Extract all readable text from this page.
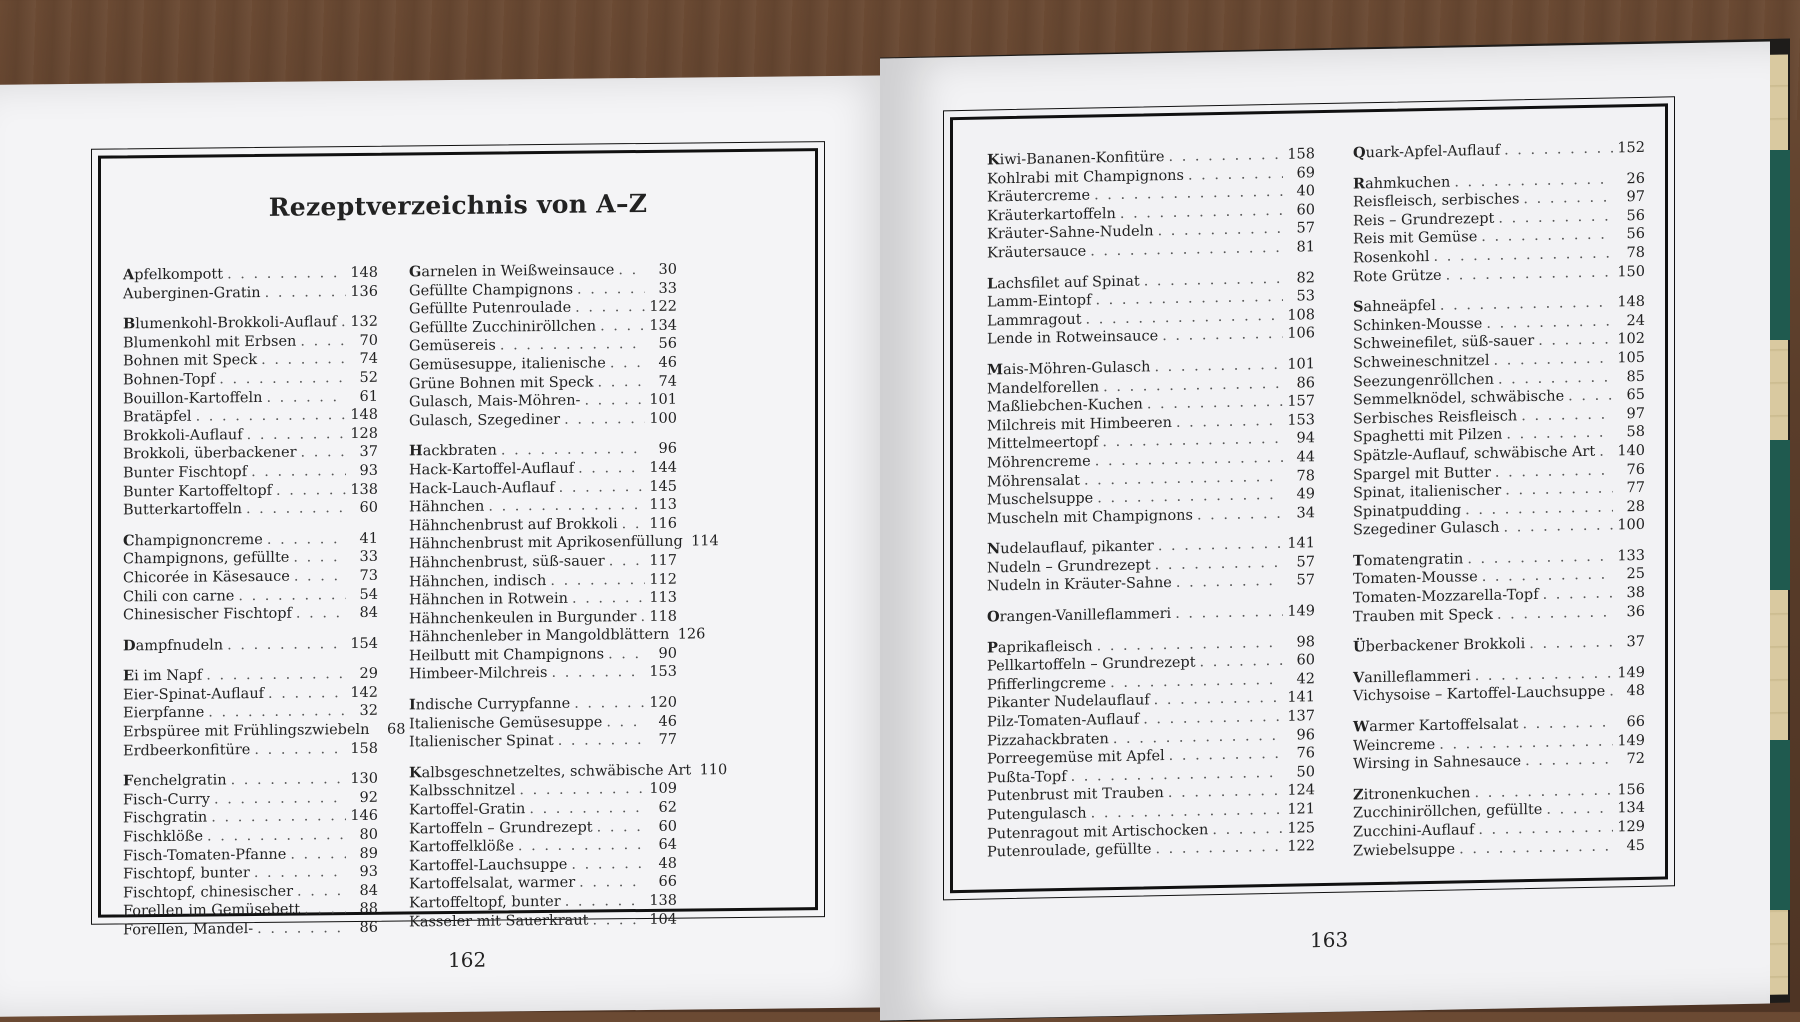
Rezeptverzeichnis von A–Z
Apfelkompott . . .	148
Auberginen-Gratin . . .	136
Blumenkohl-Brokkoli-Auflauf . . . 132
Blumenkohl mit Erbsen . . .	70
Bohnen mit Speck . . .	74
Bohnen-Topf . . .	52
Bouillon-Kartoffeln . . .	61
Bratäpfel . . .	148
Brokkoli-Auflauf . . .	128
Brokkoli, überbackener . . .	37
Bunter Fischtopf . . .	93
Bunter Kartoffeltopf . . .	138
Butterkartoffeln . . .	60
Champignoncreme . . .	41
Champignons, gefüllte . . .	33
Chicorée in Käsesauce . . .	73
Chili con carne . . .	54
Chinesischer Fischtopf . . .	84
Dampfnudeln . . .	154
Ei im Napf . . .	29
Eier-Spinat-Auflauf . . .	142
Eierpfanne . . .	32
Erbspüree mit Frühlingszwiebeln	68
Erdbeerkonfitüre . . .	158
Fenchelgratin . . .	130
Fisch-Curry . . .	92
Fischgratin . . .	146
Fischklöße . . .	80
Fisch-Tomaten-Pfanne . . .	89
Fischtopf, bunter . . .	93
Fischtopf, chinesischer . . .	84
Forellen im Gemüsebett . . .	88
Forellen, Mandel- . . .	86
Garnelen in Weißweinsauce . . .	30
Gefüllte Champignons . . .	33
Gefüllte Putenroulade . . .	122
Gefüllte Zucchiniröllchen . . .	134
Gemüsereis . . .	56
Gemüsesuppe, italienische . . .	46
Grüne Bohnen mit Speck . . .	74
Gulasch, Mais-Möhren- . . .	101
Gulasch, Szegediner . . .	100
Hackbraten . . .	96
Hack-Kartoffel-Auflauf . . .	144
Hack-Lauch-Auflauf . . .	145
Hähnchen . . .	113
Hähnchenbrust auf Brokkoli . . . 116
Hähnchenbrust mit Aprikosenfüllung 114
Hähnchenbrust, süß-sauer . . .	117
Hähnchen, indisch . . .	112
Hähnchen in Rotwein . . .	113
Hähnchenkeulen in Burgunder . . . 118
Hähnchenleber in Mangoldblättern 126
Heilbutt mit Champignons . . .	90
Himbeer-Milchreis . . .	153
Indische Currypfanne . . .	120
Italienische Gemüsesuppe . . .	46
Italienischer Spinat . . .	77
Kalbsgeschnetzeltes, schwäbische Art 110
Kalbsschnitzel . . .	109
Kartoffel-Gratin . . .	62
Kartoffeln – Grundrezept . . .	60
Kartoffelklöße . . .	64
Kartoffel-Lauchsuppe . . .	48
Kartoffelsalat, warmer . . .	66
Kartoffeltopf, bunter . . .	138
Kasseler mit Sauerkraut . . .	104
162
Kiwi-Bananen-Konfitüre . . .	158
Kohlrabi mit Champignons . . .	69
Kräutercreme . . .	40
Kräuterkartoffeln . . .	60
Kräuter-Sahne-Nudeln . . .	57
Kräutersauce . . .	81
Lachsfilet auf Spinat . . .	82
Lamm-Eintopf . . .	53
Lammragout . . .	108
Lende in Rotweinsauce . . .	106
Mais-Möhren-Gulasch . . .	101
Mandelforellen . . .	86
Maßliebchen-Kuchen . . .	157
Milchreis mit Himbeeren . . .	153
Mittelmeertopf . . .	94
Möhrencreme . . .	44
Möhrensalat . . .	78
Muschelsuppe . . .	49
Muscheln mit Champignons . . .	34
Nudelauflauf, pikanter . . .	141
Nudeln – Grundrezept . . .	57
Nudeln in Kräuter-Sahne . . .	57
Orangen-Vanilleflammeri . . .	149
Paprikafleisch . . .	98
Pellkartoffeln – Grundrezept . . .	60
Pfifferlingcreme . . .	42
Pikanter Nudelauflauf . . .	141
Pilz-Tomaten-Auflauf . . .	137
Pizzahackbraten . . .	96
Porreegemüse mit Apfel . . .	76
Pußta-Topf . . .	50
Putenbrust mit Trauben . . .	124
Putengulasch . . .	121
Putenragout mit Artischocken . . .	125
Putenroulade, gefüllte . . .	122
Quark-Apfel-Auflauf . . .	152
Rahmkuchen . . .	26
Reisfleisch, serbisches . . .	97
Reis – Grundrezept . . .	56
Reis mit Gemüse . . .	56
Rosenkohl . . .	78
Rote Grütze . . .	150
Sahneäpfel . . .	148
Schinken-Mousse . . .	24
Schweinefilet, süß-sauer . . .	102
Schweineschnitzel . . .	105
Seezungenröllchen . . .	85
Semmelknödel, schwäbische . . .	65
Serbisches Reisfleisch . . .	97
Spaghetti mit Pilzen . . .	58
Spätzle-Auflauf, schwäbische Art . . . 140
Spargel mit Butter . . .	76
Spinat, italienischer . . .	77
Spinatpudding . . .	28
Szegediner Gulasch . . .	100
Tomatengratin . . .	133
Tomaten-Mousse . . .	25
Tomaten-Mozzarella-Topf . . .	38
Trauben mit Speck . . .	36
Überbackener Brokkoli . . .	37
Vanilleflammeri . . .	149
Vichysoise – Kartoffel-Lauchsuppe . . .	48
Warmer Kartoffelsalat . . .	66
Weincreme . . .	149
Wirsing in Sahnesauce . . .	72
Zitronenkuchen . . .	156
Zucchiniröllchen, gefüllte . . .	134
Zucchini-Auflauf . . .	129
Zwiebelsuppe . . .	45
163
